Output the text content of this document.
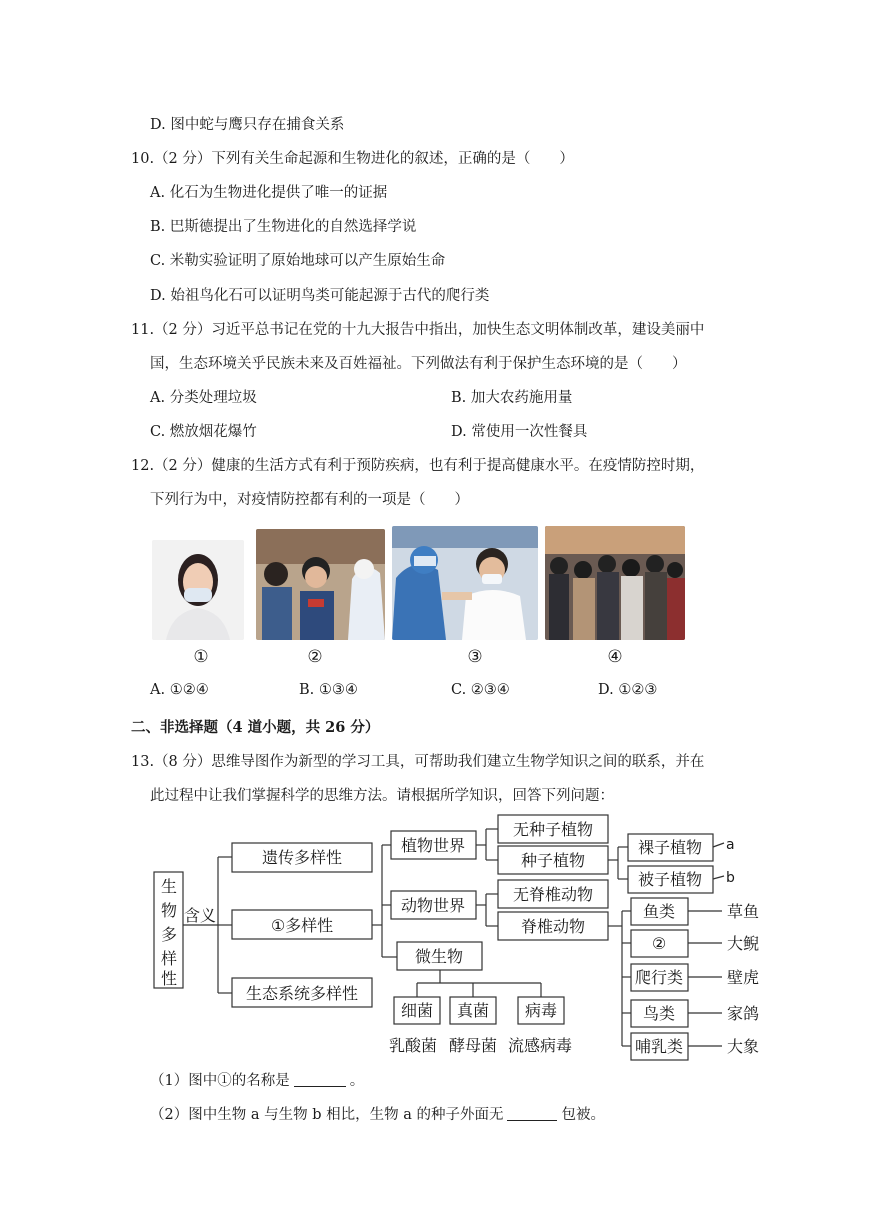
D. 图中蛇与鹰只存在捕食关系
10.（2 分）下列有关生命起源和生物进化的叙述，正确的是（　　）
A. 化石为生物进化提供了唯一的证据
B. 巴斯德提出了生物进化的自然选择学说
C. 米勒实验证明了原始地球可以产生原始生命
D. 始祖鸟化石可以证明鸟类可能起源于古代的爬行类
11.（2 分）习近平总书记在党的十九大报告中指出，加快生态文明体制改革，建设美丽中
国，生态环境关乎民族未来及百姓福祉。下列做法有利于保护生态环境的是（　　）
A. 分类处理垃圾	B. 加大农药施用量
C. 燃放烟花爆竹	D. 常使用一次性餐具
12.（2 分）健康的生活方式有利于预防疾病，也有利于提高健康水平。在疫情防控时期，
下列行为中，对疫情防控都有利的一项是（　　）
①	②	③	④
A. ①②④	B. ①③④	C. ②③④	D. ①②③
二、非选择题（4 道小题，共 26 分）
13.（8 分）思维导图作为新型的学习工具，可帮助我们建立生物学知识之间的联系，并在
此过程中让我们掌握科学的思维方法。请根据所学知识，回答下列问题：
生
物
多
样
性
含义
遗传多样性
①多样性
生态系统多样性
植物世界
动物世界
微生物
无种子植物
种子植物
裸子植物
被子植物
a
b
无脊椎动物
脊椎动物
鱼类
②
爬行类
鸟类
哺乳类
草鱼
大鲵
壁虎
家鸽
大象
细菌 真菌 病毒
乳酸菌 酵母菌 流感病毒
（1）图中①的名称是	。
（2）图中生物 a 与生物 b 相比，生物 a 的种子外面无	包被。
